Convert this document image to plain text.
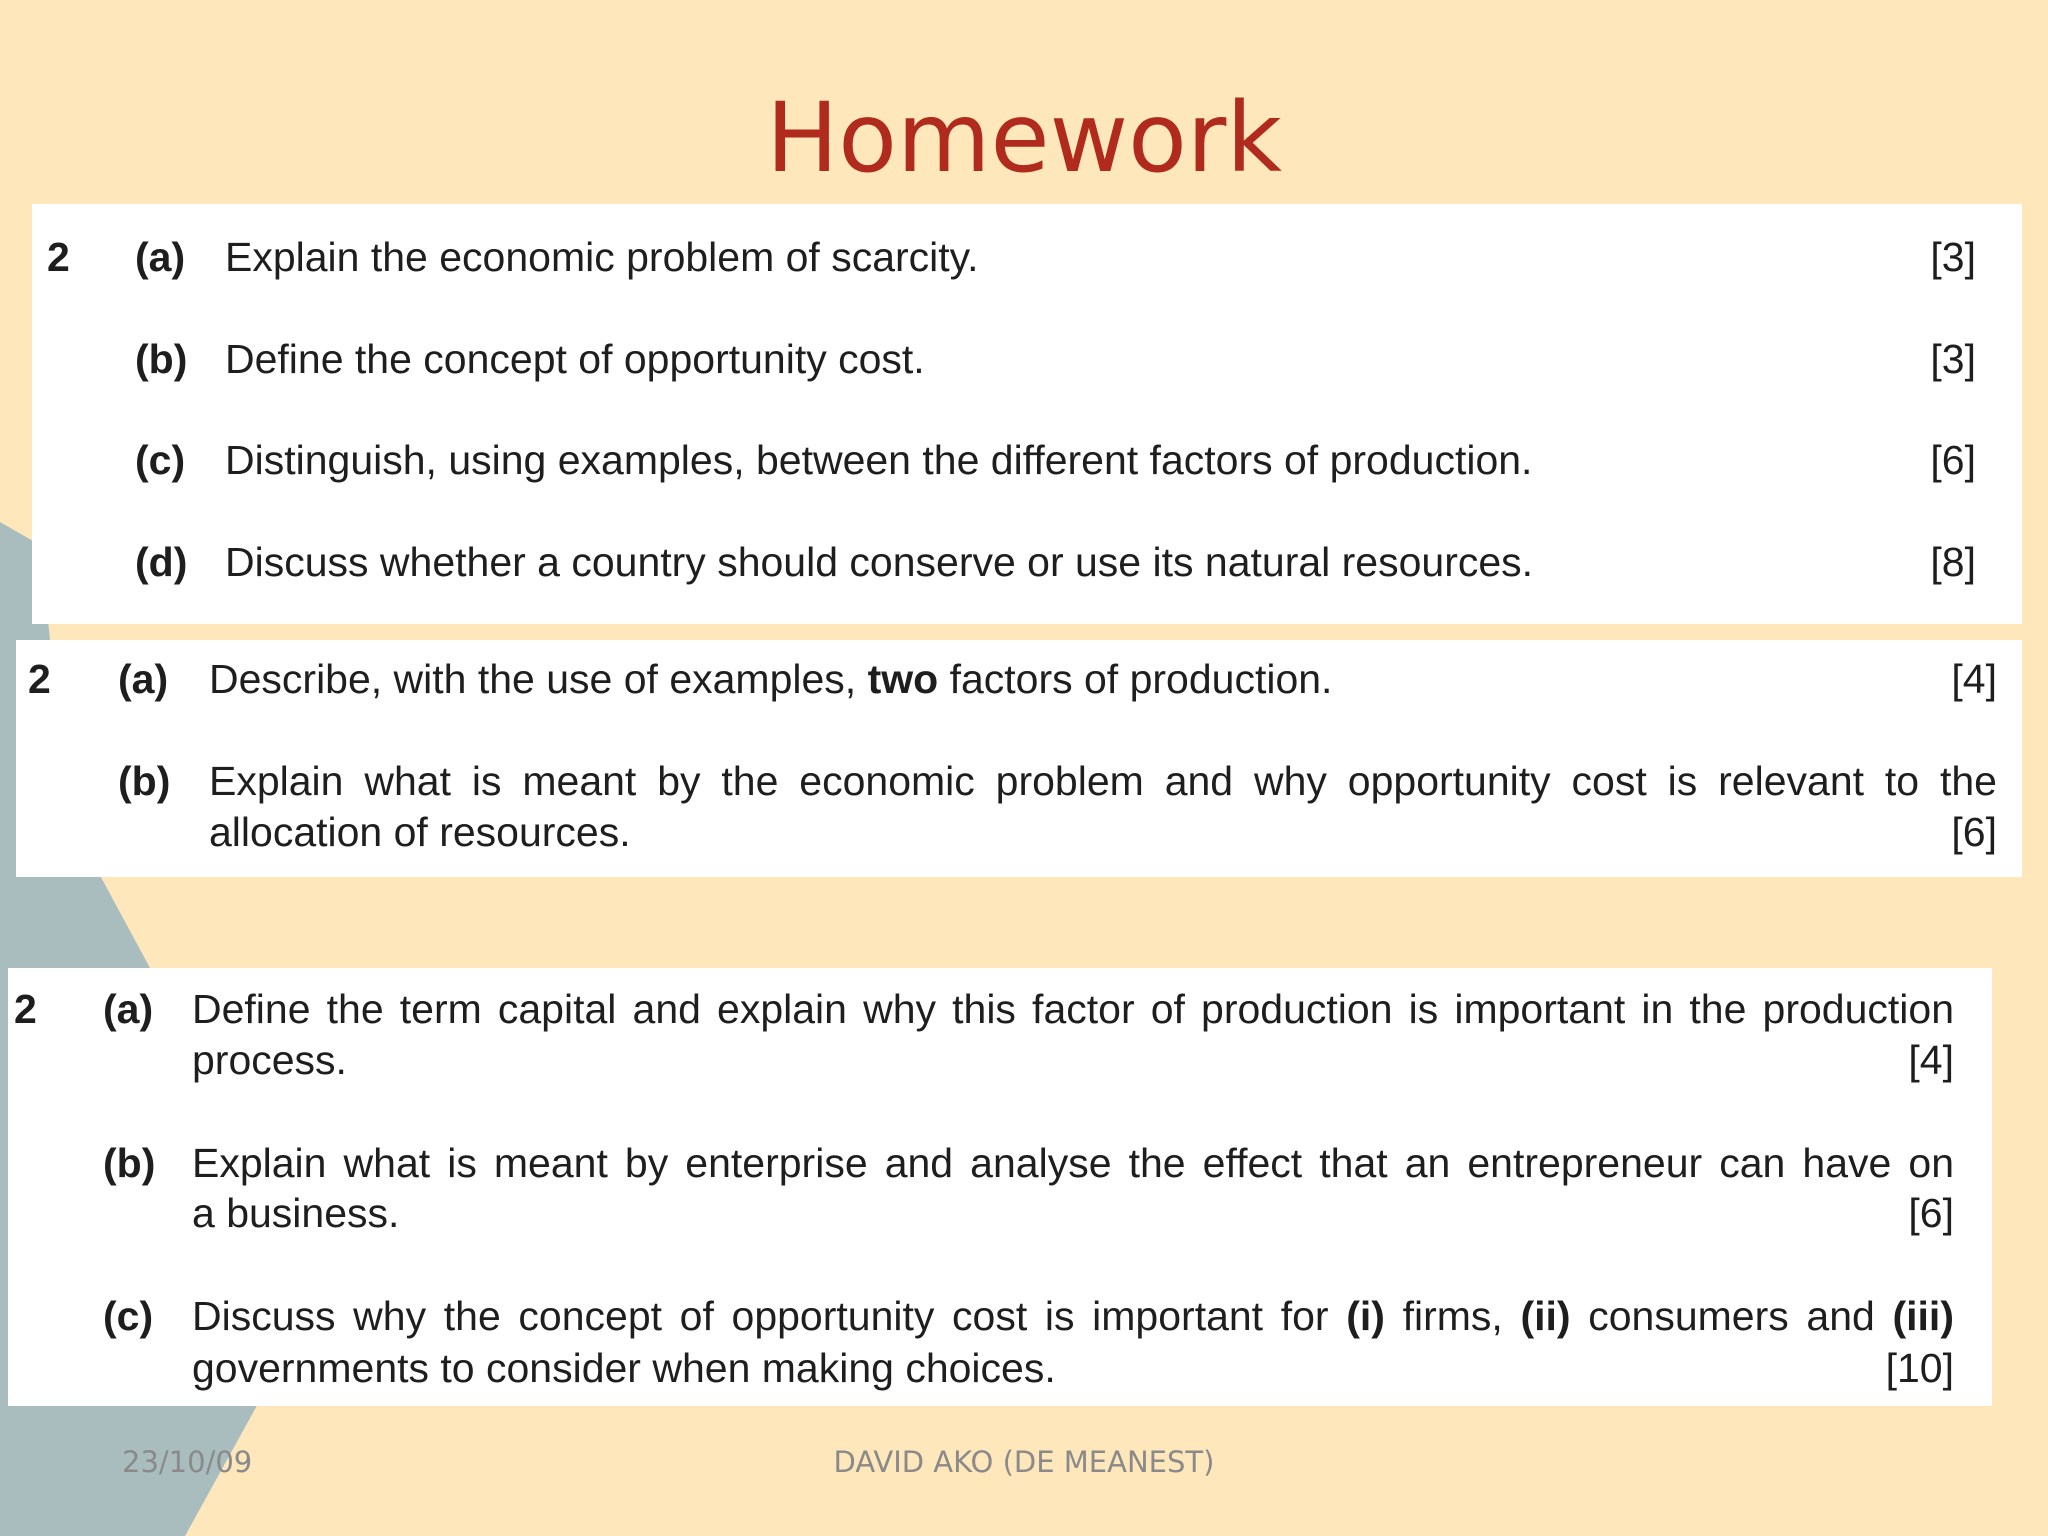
Homework
2 (a) Explain the economic problem of scarcity.	[3]
(b) Define the concept of opportunity cost.	[3]
(c) Distinguish, using examples, between the different factors of production.	[6]
(d) Discuss whether a country should conserve or use its natural resources.	[8]
2 (a) Describe, with the use of examples, two factors of production.	[4]
(b) Explain what is meant by the economic problem and why opportunity cost is relevant to the
allocation of resources.	[6]
2 (a) Define the term capital and explain why this factor of production is important in the production
process.	[4]
(b) Explain what is meant by enterprise and analyse the effect that an entrepreneur can have on
a business.	[6]
(c) Discuss why the concept of opportunity cost is important for (i) firms, (ii) consumers and (iii)
governments to consider when making choices.	[10]
23/10/09	DAVID AKO (DE MEANEST)
